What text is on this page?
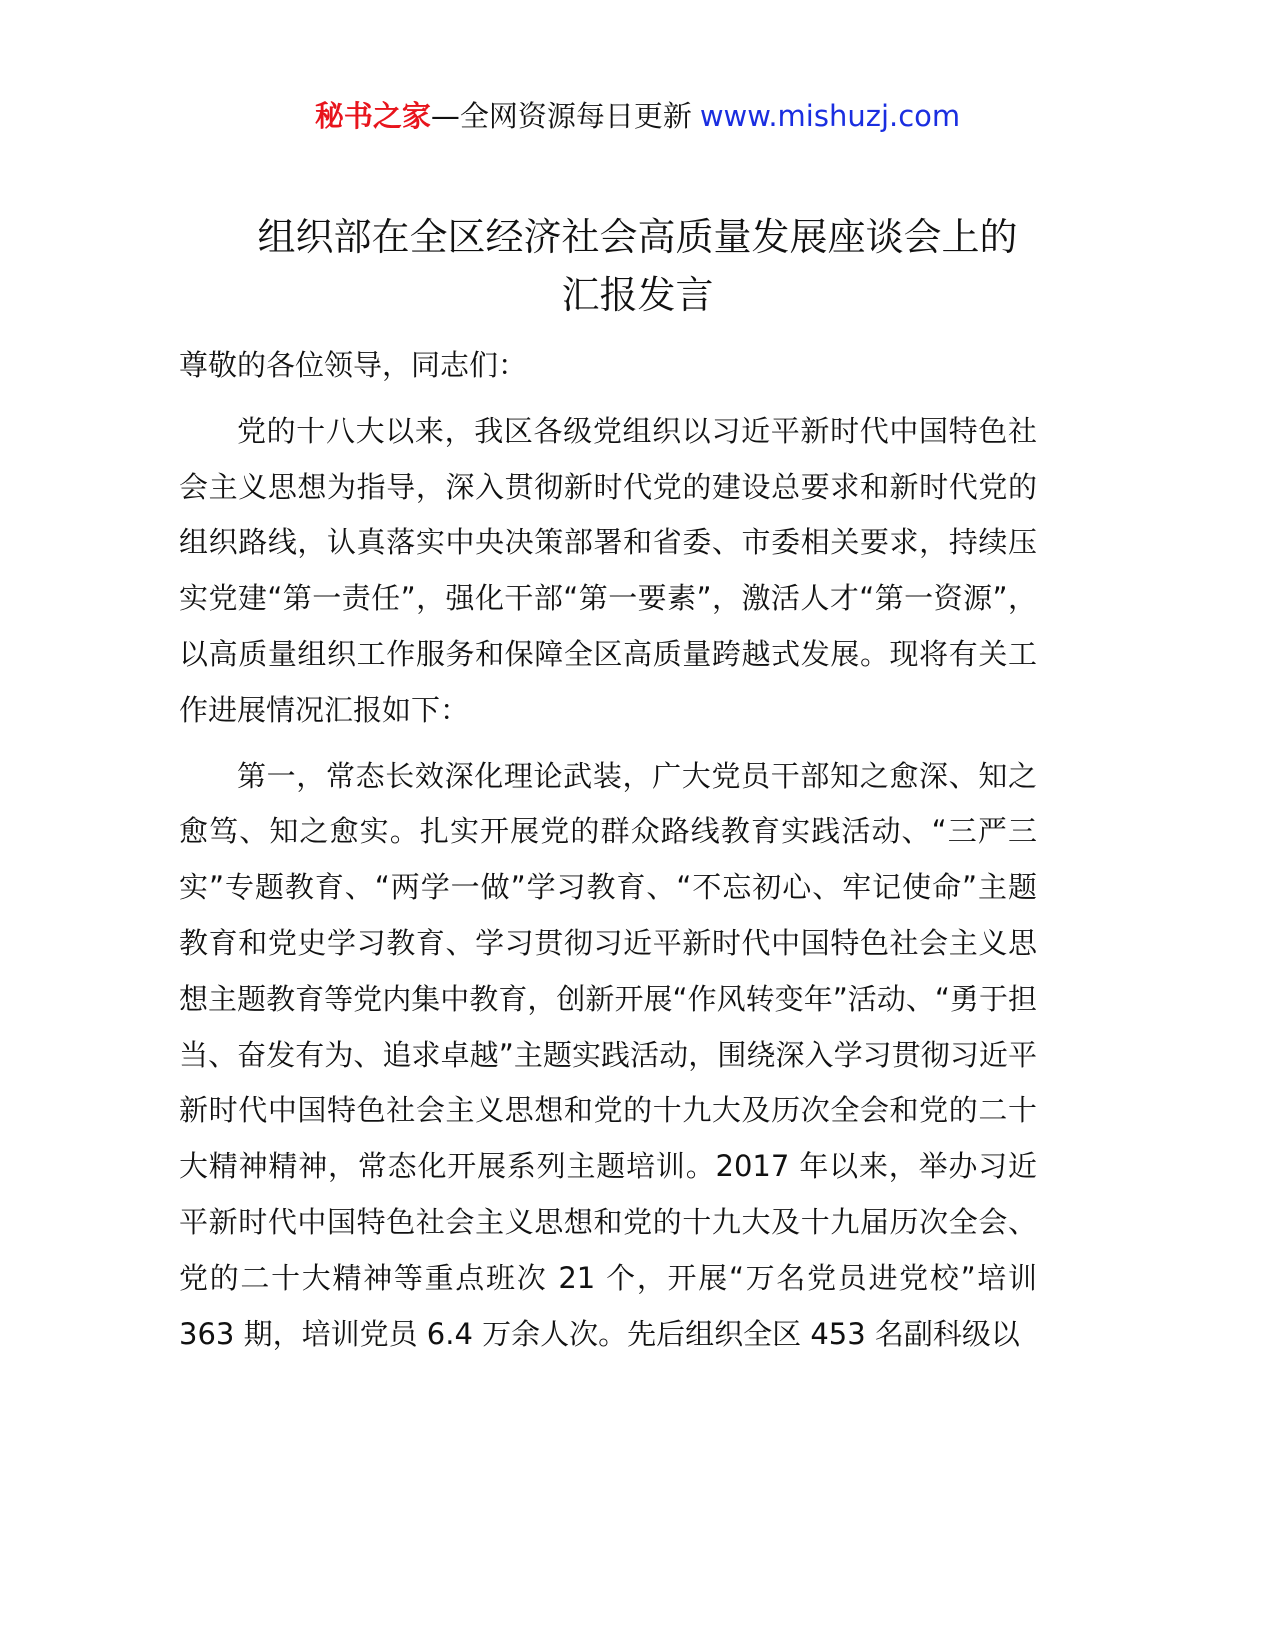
秘书之家—全网资源每日更新 www.mishuzj.com
组织部在全区经济社会高质量发展座谈会上的
汇报发言

尊敬的各位领导，同志们：

党的十八大以来，我区各级党组织以习近平新时代中国特色社会主义思想为指导，深入贯彻新时代党的建设总要求和新时代党的组织路线，认真落实中央决策部署和省委、市委相关要求，持续压实党建“第一责任”，强化干部“第一要素”，激活人才“第一资源”，以高质量组织工作服务和保障全区高质量跨越式发展。现将有关工作进展情况汇报如下：

第一，常态长效深化理论武装，广大党员干部知之愈深、知之愈笃、知之愈实。扎实开展党的群众路线教育实践活动、“三严三实”专题教育、“两学一做”学习教育、“不忘初心、牢记使命”主题教育和党史学习教育、学习贯彻习近平新时代中国特色社会主义思想主题教育等党内集中教育，创新开展“作风转变年”活动、“勇于担当、奋发有为、追求卓越”主题实践活动，围绕深入学习贯彻习近平新时代中国特色社会主义思想和党的十九大及历次全会和党的二十大精神精神，常态化开展系列主题培训。2017 年以来，举办习近平新时代中国特色社会主义思想和党的十九大及十九届历次全会、党的二十大精神等重点班次 21 个，开展“万名党员进党校”培训 363 期，培训党员 6.4 万余人次。先后组织全区 453 名副科级以
